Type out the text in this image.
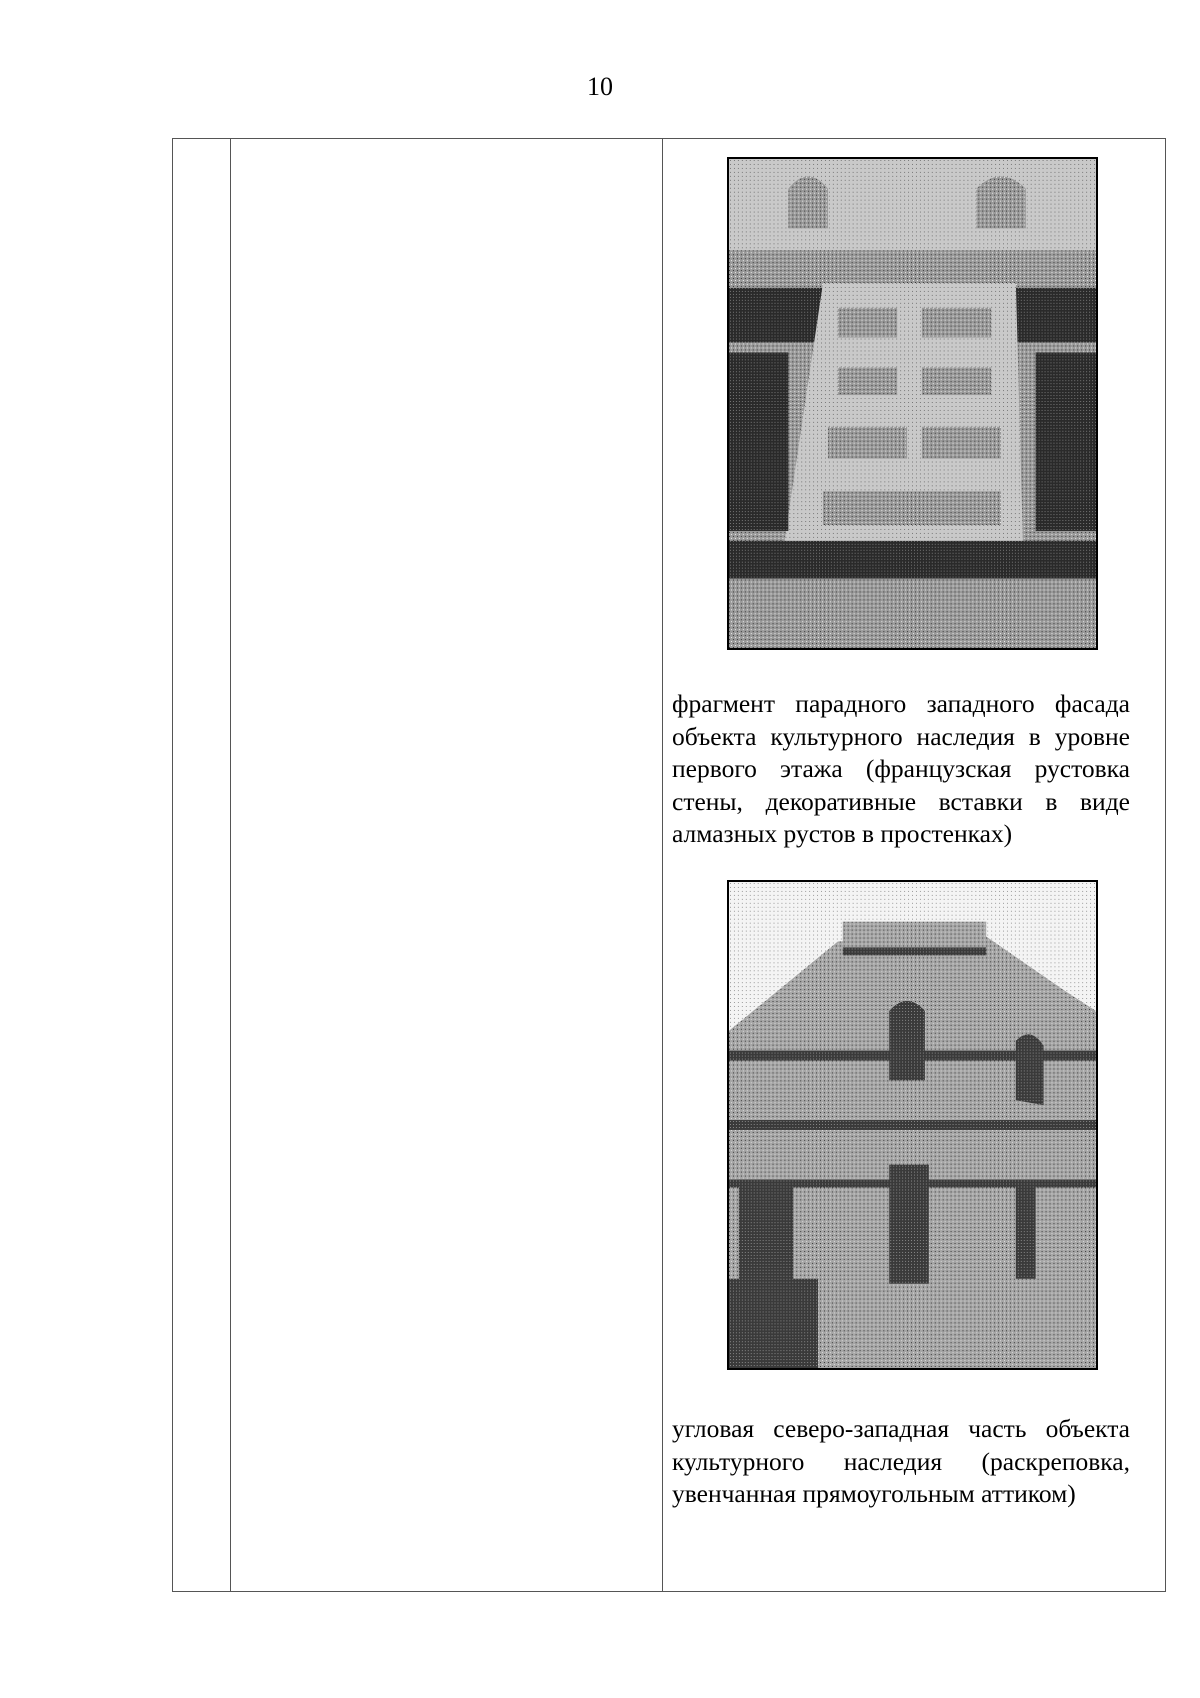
10

фрагмент парадного западного фасада объекта культурного наследия в уровне первого этажа (французская рустовка стены, декоративные вставки в виде алмазных рустов в простенках)

угловая северо-западная часть объекта культурного наследия (раскреповка, увенчанная прямоугольным аттиком)
